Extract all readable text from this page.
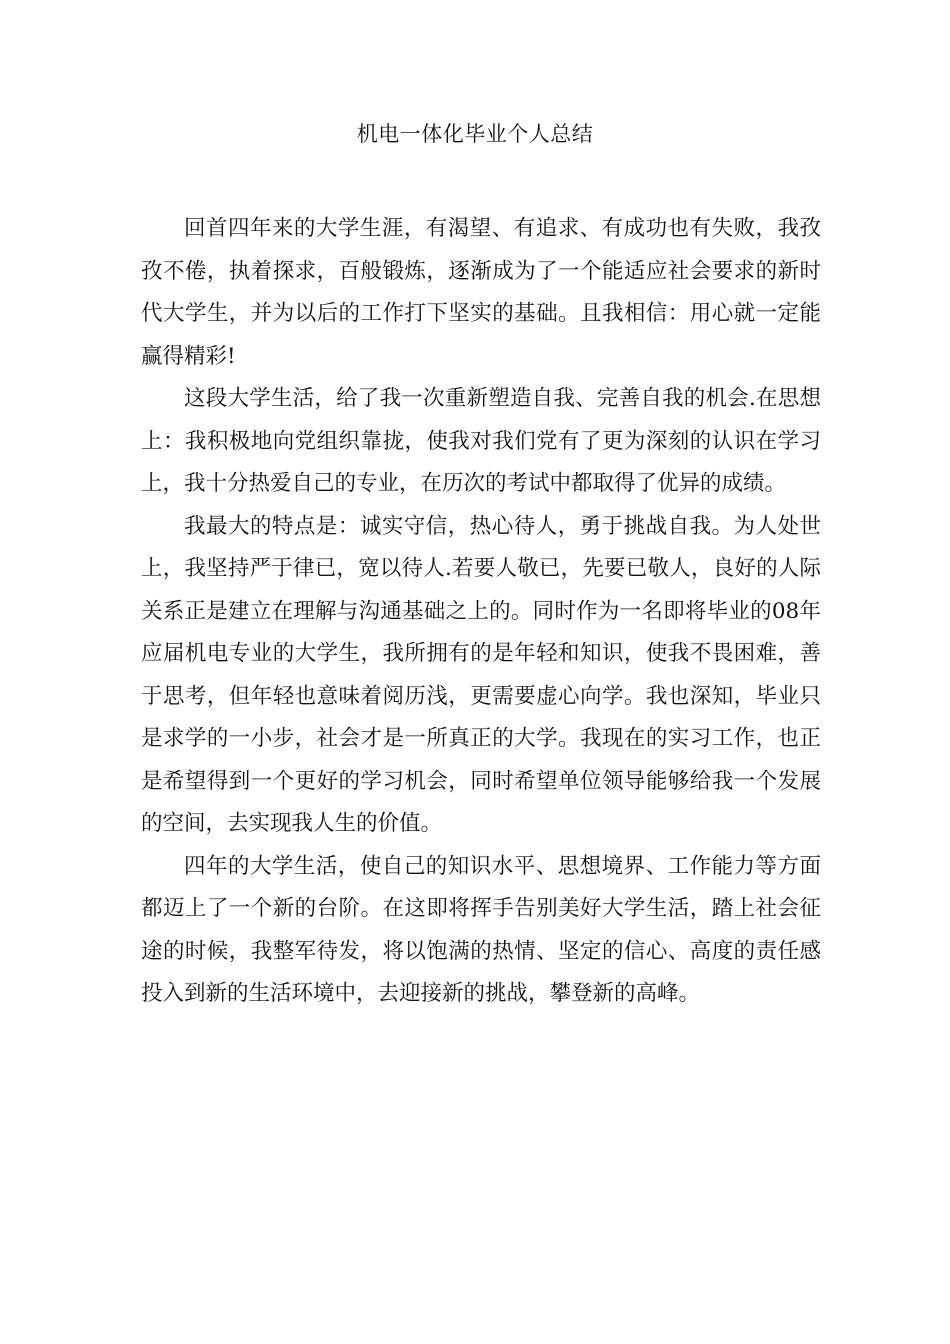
机电一体化毕业个人总结

回首四年来的大学生涯，有渴望、有追求、有成功也有失败，我孜孜不倦，执着探求，百般锻炼，逐渐成为了一个能适应社会要求的新时代大学生，并为以后的工作打下坚实的基础。且我相信：用心就一定能赢得精彩!

这段大学生活，给了我一次重新塑造自我、完善自我的机会.在思想上：我积极地向党组织靠拢，使我对我们党有了更为深刻的认识在学习上，我十分热爱自己的专业，在历次的考试中都取得了优异的成绩。

我最大的特点是：诚实守信，热心待人，勇于挑战自我。为人处世上，我坚持严于律已，宽以待人.若要人敬已，先要已敬人，良好的人际关系正是建立在理解与沟通基础之上的。同时作为一名即将毕业的08年应届机电专业的大学生，我所拥有的是年轻和知识，使我不畏困难，善于思考，但年轻也意味着阅历浅，更需要虚心向学。我也深知，毕业只是求学的一小步，社会才是一所真正的大学。我现在的实习工作，也正是希望得到一个更好的学习机会，同时希望单位领导能够给我一个发展的空间，去实现我人生的价值。

四年的大学生活，使自己的知识水平、思想境界、工作能力等方面都迈上了一个新的台阶。在这即将挥手告别美好大学生活，踏上社会征途的时候，我整军待发，将以饱满的热情、坚定的信心、高度的责任感投入到新的生活环境中，去迎接新的挑战，攀登新的高峰。
